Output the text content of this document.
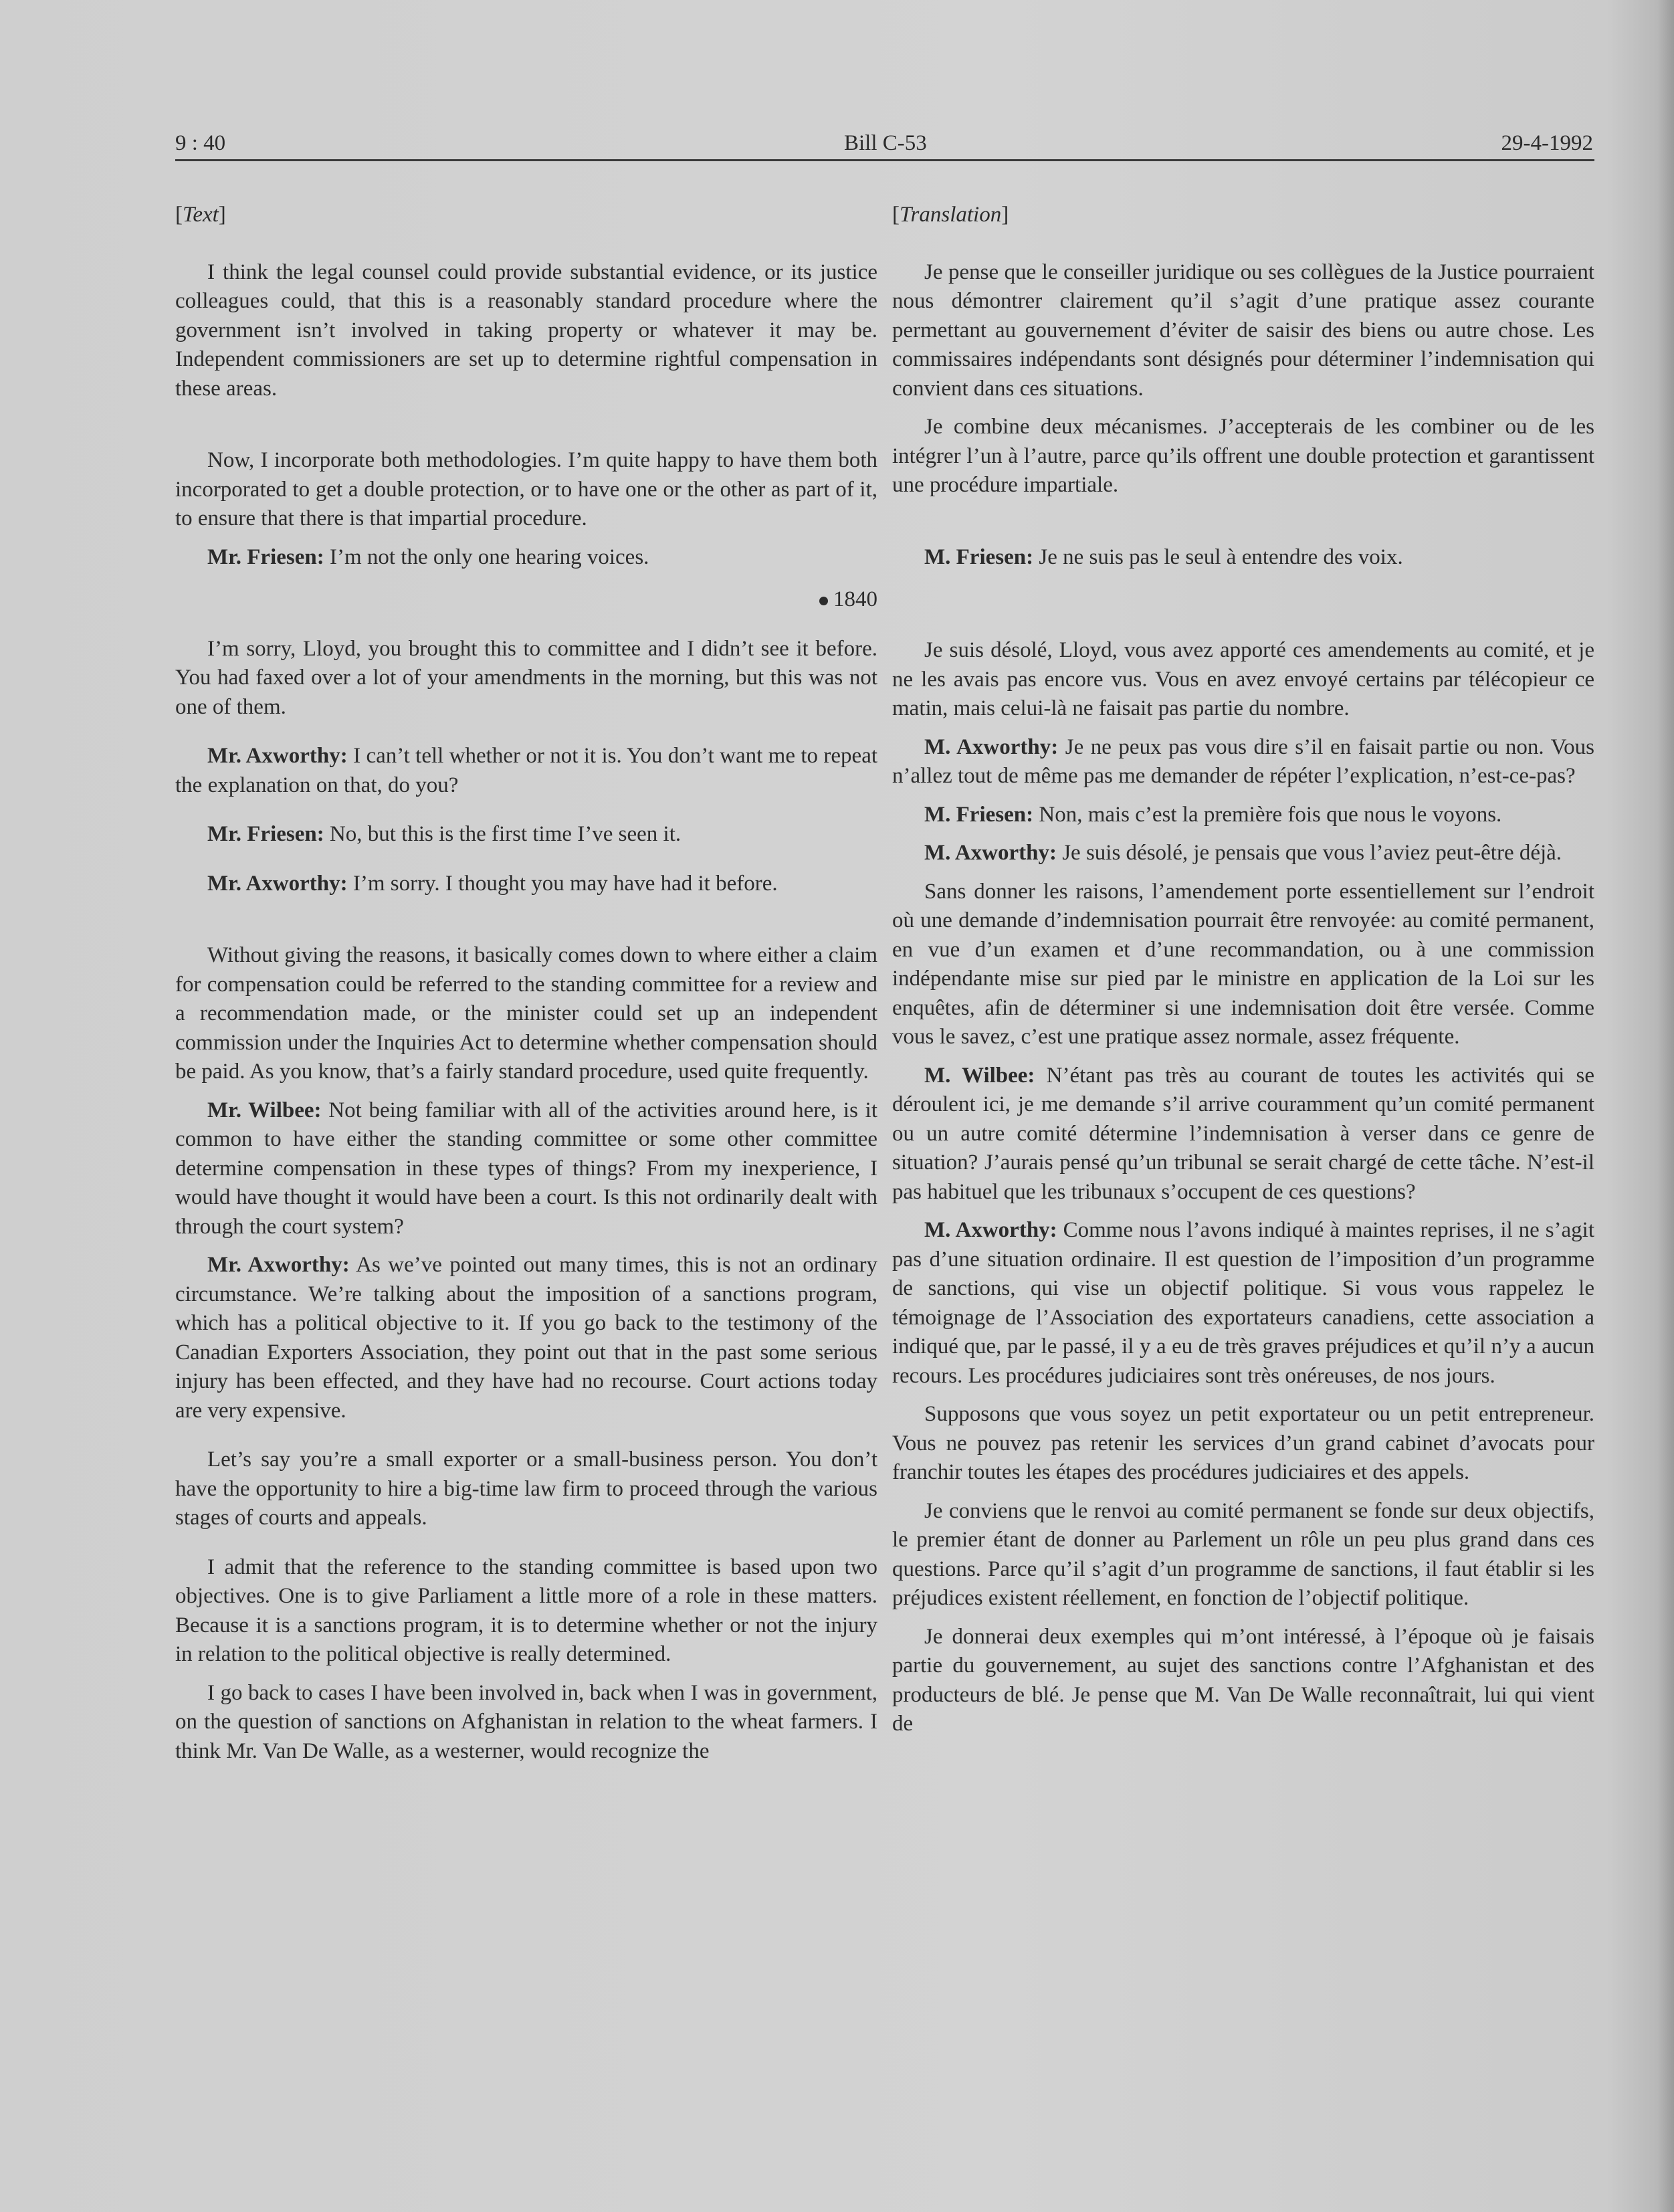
9 : 40	Bill C-53	29-4-1992

[Text]

I think the legal counsel could provide substantial evidence, or its justice colleagues could, that this is a reasonably standard procedure where the government isn’t involved in taking property or whatever it may be. Independent commissioners are set up to determine rightful compensation in these areas.

Now, I incorporate both methodologies. I’m quite happy to have them both incorporated to get a double protection, or to have one or the other as part of it, to ensure that there is that impartial procedure.

Mr. Friesen: I’m not the only one hearing voices.

1840

I’m sorry, Lloyd, you brought this to committee and I didn’t see it before. You had faxed over a lot of your amendments in the morning, but this was not one of them.

Mr. Axworthy: I can’t tell whether or not it is. You don’t want me to repeat the explanation on that, do you?

Mr. Friesen: No, but this is the first time I’ve seen it.

Mr. Axworthy: I’m sorry. I thought you may have had it before.

Without giving the reasons, it basically comes down to where either a claim for compensation could be referred to the standing committee for a review and a recommendation made, or the minister could set up an independent commission under the Inquiries Act to determine whether compensation should be paid. As you know, that’s a fairly standard procedure, used quite frequently.

Mr. Wilbee: Not being familiar with all of the activities around here, is it common to have either the standing committee or some other committee determine compensation in these types of things? From my inexperience, I would have thought it would have been a court. Is this not ordinarily dealt with through the court system?

Mr. Axworthy: As we’ve pointed out many times, this is not an ordinary circumstance. We’re talking about the imposition of a sanctions program, which has a political objective to it. If you go back to the testimony of the Canadian Exporters Association, they point out that in the past some serious injury has been effected, and they have had no recourse. Court actions today are very expensive.

Let’s say you’re a small exporter or a small-business person. You don’t have the opportunity to hire a big-time law firm to proceed through the various stages of courts and appeals.

I admit that the reference to the standing committee is based upon two objectives. One is to give Parliament a little more of a role in these matters. Because it is a sanctions program, it is to determine whether or not the injury in relation to the political objective is really determined.

I go back to cases I have been involved in, back when I was in government, on the question of sanctions on Afghanistan in relation to the wheat farmers. I think Mr. Van De Walle, as a westerner, would recognize the

[Translation]

Je pense que le conseiller juridique ou ses collègues de la Justice pourraient nous démontrer clairement qu’il s’agit d’une pratique assez courante permettant au gouvernement d’éviter de saisir des biens ou autre chose. Les commissaires indépendants sont désignés pour déterminer l’indemnisation qui convient dans ces situations.

Je combine deux mécanismes. J’accepterais de les combiner ou de les intégrer l’un à l’autre, parce qu’ils offrent une double protection et garantissent une procédure impartiale.

M. Friesen: Je ne suis pas le seul à entendre des voix.

Je suis désolé, Lloyd, vous avez apporté ces amendements au comité, et je ne les avais pas encore vus. Vous en avez envoyé certains par télécopieur ce matin, mais celui-là ne faisait pas partie du nombre.

M. Axworthy: Je ne peux pas vous dire s’il en faisait partie ou non. Vous n’allez tout de même pas me demander de répéter l’explication, n’est-ce-pas?

M. Friesen: Non, mais c’est la première fois que nous le voyons.

M. Axworthy: Je suis désolé, je pensais que vous l’aviez peut-être déjà.

Sans donner les raisons, l’amendement porte essentiellement sur l’endroit où une demande d’indemnisation pourrait être renvoyée: au comité permanent, en vue d’un examen et d’une recommandation, ou à une commission indépendante mise sur pied par le ministre en application de la Loi sur les enquêtes, afin de déterminer si une indemnisation doit être versée. Comme vous le savez, c’est une pratique assez normale, assez fréquente.

M. Wilbee: N’étant pas très au courant de toutes les activités qui se déroulent ici, je me demande s’il arrive couramment qu’un comité permanent ou un autre comité détermine l’indemnisation à verser dans ce genre de situation? J’aurais pensé qu’un tribunal se serait chargé de cette tâche. N’est-il pas habituel que les tribunaux s’occupent de ces questions?

M. Axworthy: Comme nous l’avons indiqué à maintes reprises, il ne s’agit pas d’une situation ordinaire. Il est question de l’imposition d’un programme de sanctions, qui vise un objectif politique. Si vous vous rappelez le témoignage de l’Association des exportateurs canadiens, cette association a indiqué que, par le passé, il y a eu de très graves préjudices et qu’il n’y a aucun recours. Les procédures judiciaires sont très onéreuses, de nos jours.

Supposons que vous soyez un petit exportateur ou un petit entrepreneur. Vous ne pouvez pas retenir les services d’un grand cabinet d’avocats pour franchir toutes les étapes des procédures judiciaires et des appels.

Je conviens que le renvoi au comité permanent se fonde sur deux objectifs, le premier étant de donner au Parlement un rôle un peu plus grand dans ces questions. Parce qu’il s’agit d’un programme de sanctions, il faut établir si les préjudices existent réellement, en fonction de l’objectif politique.

Je donnerai deux exemples qui m’ont intéressé, à l’époque où je faisais partie du gouvernement, au sujet des sanctions contre l’Afghanistan et des producteurs de blé. Je pense que M. Van De Walle reconnaîtrait, lui qui vient de
